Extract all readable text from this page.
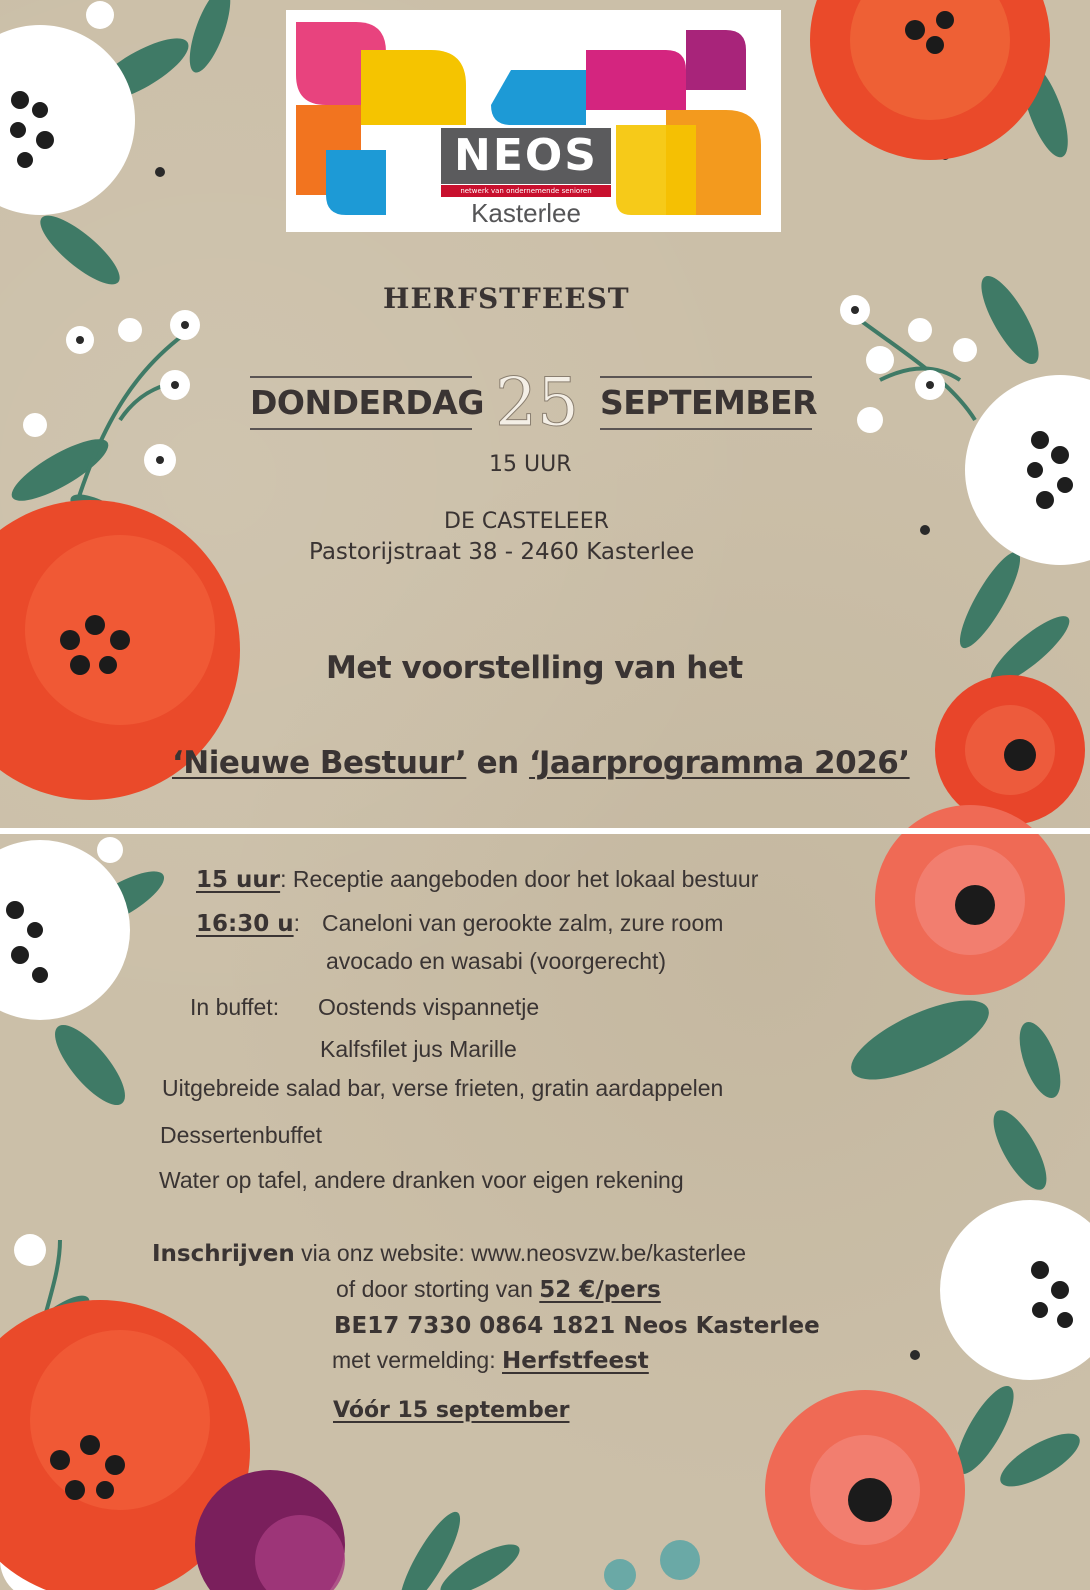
NEOS
netwerk van ondernemende senioren
Kasterlee
HERFSTFEEST
DONDERDAG 25 SEPTEMBER
15 UUR
DE CASTELEER
Pastorijstraat 38 - 2460 Kasterlee
Met voorstelling van het
‘Nieuwe Bestuur’ en ‘Jaarprogramma 2026’
15 uur: Receptie aangeboden door het lokaal bestuur
16:30 u: Caneloni van gerookte zalm, zure room
avocado en wasabi (voorgerecht)
In buffet: Oostends vispannetje
Kalfsfilet jus Marille
Uitgebreide salad bar, verse frieten, gratin aardappelen
Dessertenbuffet
Water op tafel, andere dranken voor eigen rekening
Inschrijven via onz website: www.neosvzw.be/kasterlee
of door storting van 52 €/pers
BE17 7330 0864 1821 Neos Kasterlee
met vermelding: Herfstfeest
Vóór 15 september
